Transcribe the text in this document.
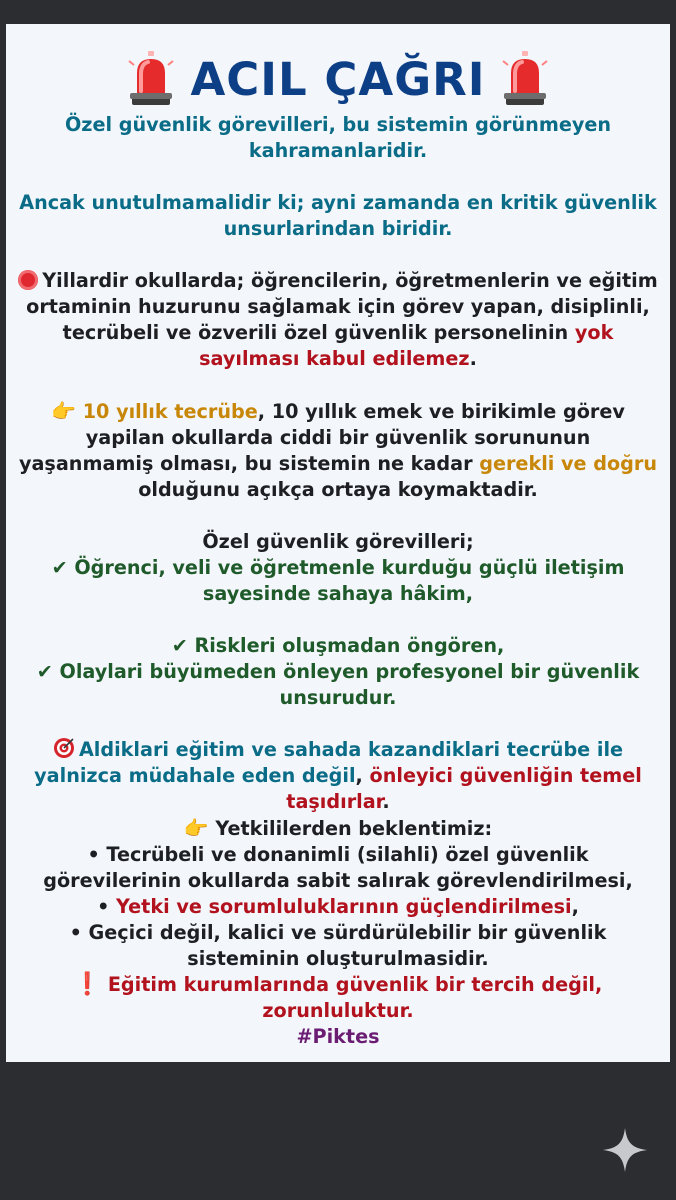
ACIL ÇAĞRI

Özel güvenlik görevilleri, bu sistemin görünmeyen kahramanlaridir.

Ancak unutulmamalidir ki; ayni zamanda en kritik güvenlik unsurlarindan biridir.

Yillardir okullarda; öğrencilerin, öğretmenlerin ve eğitim ortaminin huzurunu sağlamak için görev yapan, disiplinli, tecrübeli ve özverili özel güvenlik personelinin yok sayılması kabul edilemez.

👉 10 yıllık tecrübe, 10 yıllık emek ve birikimle görev yapilan okullarda ciddi bir güvenlik sorununun yaşanmamiş olması, bu sistemin ne kadar gerekli ve doğru olduğunu açıkça ortaya koymaktadir.

Özel güvenlik görevilleri;

✔ Öğrenci, veli ve öğretmenle kurduğu güçlü iletişim sayesinde sahaya hâkim,

✔ Riskleri oluşmadan öngören,

✔ Olaylari büyümeden önleyen profesyonel bir güvenlik unsurudur.

Aldiklari eğitim ve sahada kazandiklari tecrübe ile yalnizca müdahale eden değil, önleyici güvenliğin temel taşıdırlar.

👉 Yetkililerden beklentimiz:

• Tecrübeli ve donanimli (silahli) özel güvenlik görevilerinin okullarda sabit salırak görevlendirilmesi,

• Yetki ve sorumluluklarının güçlendirilmesi,

• Geçici değil, kalici ve sürdürülebilir bir güvenlik sisteminin oluşturulmasidir.

❗ Eğitim kurumlarında güvenlik bir tercih değil, zorunluluktur.

#Piktes
